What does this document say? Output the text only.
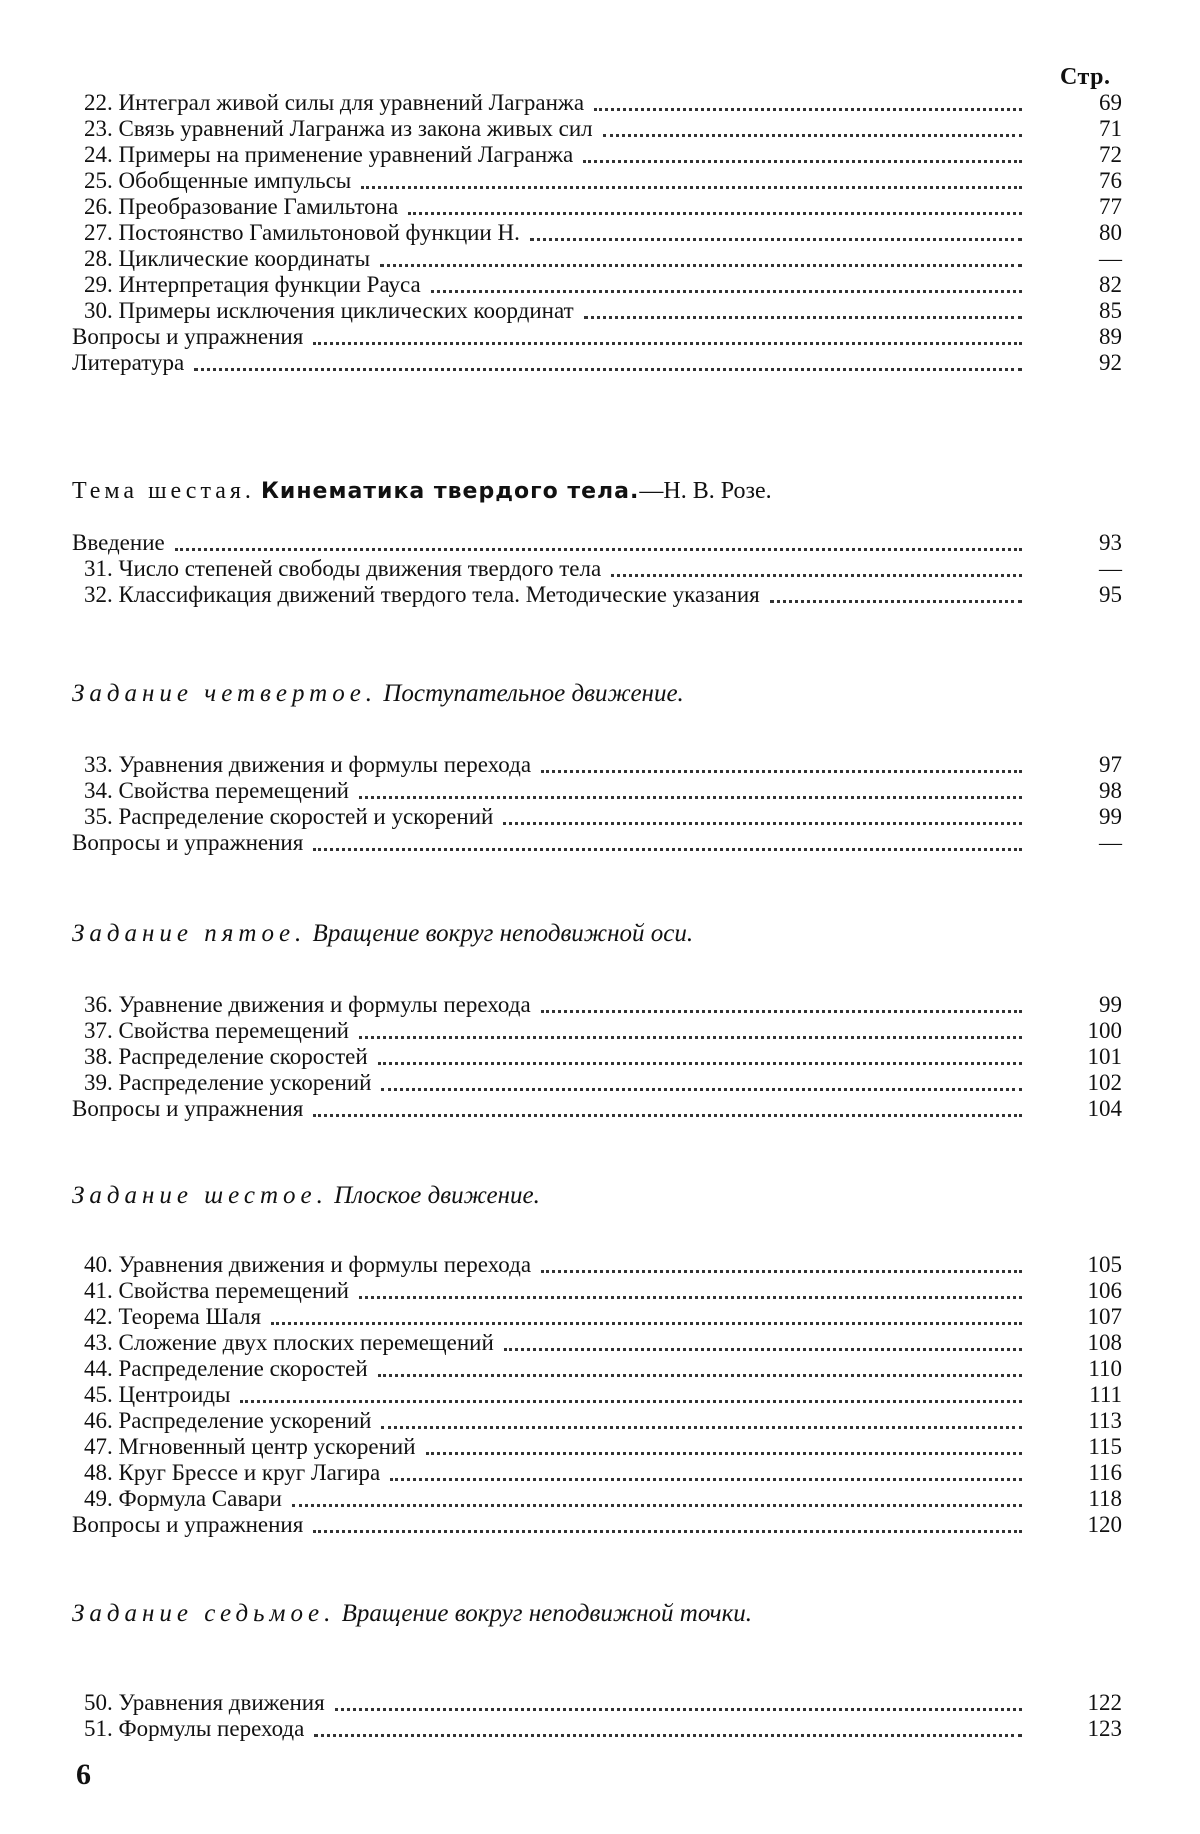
Стр.
22. Интеграл живой силы для уравнений Лагранжа	69
23. Связь уравнений Лагранжа из закона живых сил	71
24. Примеры на применение уравнений Лагранжа	72
25. Обобщенные импульсы	76
26. Преобразование Гамильтона	77
27. Постоянство Гамильтоновой функции Н.	80
28. Циклические координаты	—
29. Интерпретация функции Рауса	82
30. Примеры исключения циклических координат	85
Вопросы и упражнения	89
Литература	92
Тема шестая. Кинематика твердого тела.—Н. В. Розе.
Введение	93
31. Число степеней свободы движения твердого тела	—
32. Классификация движений твердого тела. Методические указания	95
Задание четвертое. Поступательное движение.
33. Уравнения движения и формулы перехода	97
34. Свойства перемещений	98
35. Распределение скоростей и ускорений	99
Вопросы и упражнения	—
Задание пятое. Вращение вокруг неподвижной оси.
36. Уравнение движения и формулы перехода	99
37. Свойства перемещений	100
38. Распределение скоростей	101
39. Распределение ускорений	102
Вопросы и упражнения	104
Задание шестое. Плоское движение.
40. Уравнения движения и формулы перехода	105
41. Свойства перемещений	106
42. Теорема Шаля	107
43. Сложение двух плоских перемещений	108
44. Распределение скоростей	110
45. Центроиды	111
46. Распределение ускорений	113
47. Мгновенный центр ускорений	115
48. Круг Брессе и круг Лагира	116
49. Формула Савари	118
Вопросы и упражнения	120
Задание седьмое. Вращение вокруг неподвижной точки.
50. Уравнения движения	122
51. Формулы перехода	123
6
